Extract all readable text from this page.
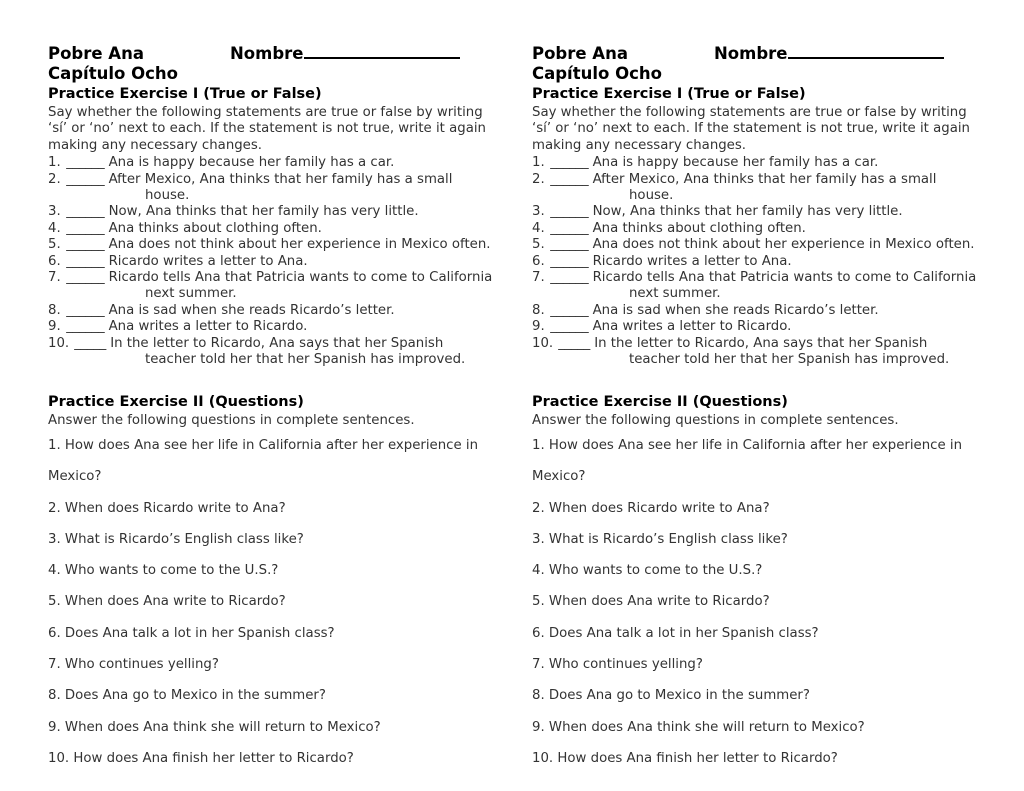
Pobre Ana	Nombre
Capítulo Ocho
Practice Exercise I (True or False)
Say whether the following statements are true or false by writing
‘sí’ or ‘no’ next to each. If the statement is not true, write it again
making any necessary changes.
1. ______ Ana is happy because her family has a car.
2. ______ After Mexico, Ana thinks that her family has a small
house.
3. ______ Now, Ana thinks that her family has very little.
4. ______ Ana thinks about clothing often.
5. ______ Ana does not think about her experience in Mexico often.
6. ______ Ricardo writes a letter to Ana.
7. ______ Ricardo tells Ana that Patricia wants to come to California
next summer.
8. ______ Ana is sad when she reads Ricardo’s letter.
9. ______ Ana writes a letter to Ricardo.
10. _____ In the letter to Ricardo, Ana says that her Spanish
teacher told her that her Spanish has improved.
Practice Exercise II (Questions)
Answer the following questions in complete sentences.
1. How does Ana see her life in California after her experience in
Mexico?
2. When does Ricardo write to Ana?
3. What is Ricardo’s English class like?
4. Who wants to come to the U.S.?
5. When does Ana write to Ricardo?
6. Does Ana talk a lot in her Spanish class?
7. Who continues yelling?
8. Does Ana go to Mexico in the summer?
9. When does Ana think she will return to Mexico?
10. How does Ana finish her letter to Ricardo?
Pobre Ana	Nombre
Capítulo Ocho
Practice Exercise I (True or False)
Say whether the following statements are true or false by writing
‘sí’ or ‘no’ next to each. If the statement is not true, write it again
making any necessary changes.
1. ______ Ana is happy because her family has a car.
2. ______ After Mexico, Ana thinks that her family has a small
house.
3. ______ Now, Ana thinks that her family has very little.
4. ______ Ana thinks about clothing often.
5. ______ Ana does not think about her experience in Mexico often.
6. ______ Ricardo writes a letter to Ana.
7. ______ Ricardo tells Ana that Patricia wants to come to California
next summer.
8. ______ Ana is sad when she reads Ricardo’s letter.
9. ______ Ana writes a letter to Ricardo.
10. _____ In the letter to Ricardo, Ana says that her Spanish
teacher told her that her Spanish has improved.
Practice Exercise II (Questions)
Answer the following questions in complete sentences.
1. How does Ana see her life in California after her experience in
Mexico?
2. When does Ricardo write to Ana?
3. What is Ricardo’s English class like?
4. Who wants to come to the U.S.?
5. When does Ana write to Ricardo?
6. Does Ana talk a lot in her Spanish class?
7. Who continues yelling?
8. Does Ana go to Mexico in the summer?
9. When does Ana think she will return to Mexico?
10. How does Ana finish her letter to Ricardo?
